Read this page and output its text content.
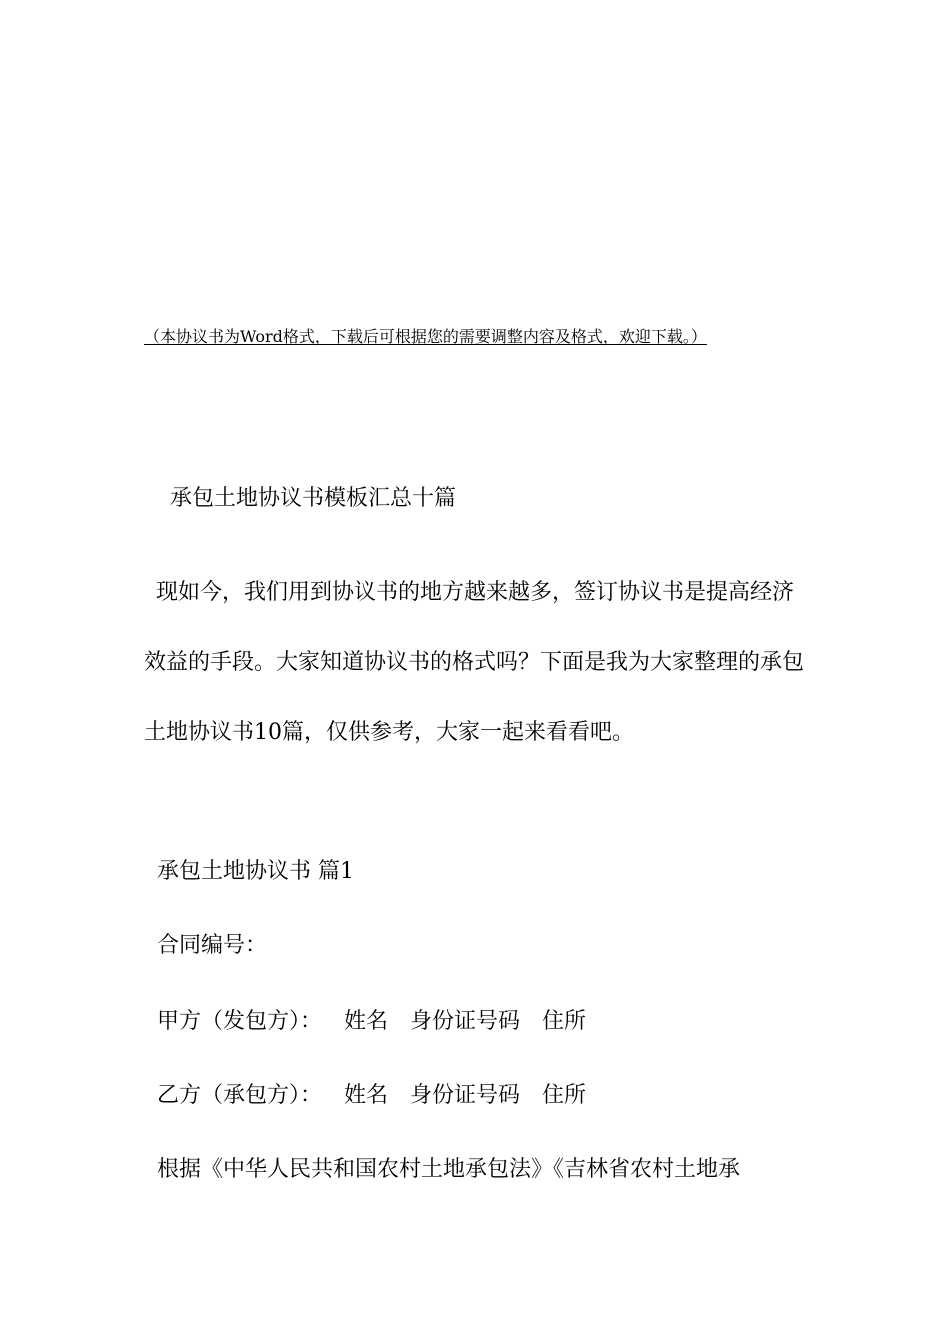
（本协议书为Word格式，下载后可根据您的需要调整内容及格式，欢迎下载。）

承包土地协议书模板汇总十篇

现如今，我们用到协议书的地方越来越多，签订协议书是提高经济效益的手段。大家知道协议书的格式吗？下面是我为大家整理的承包土地协议书10篇，仅供参考，大家一起来看看吧。

承包土地协议书 篇1

合同编号：

甲方（发包方）： 姓名 身份证号码 住所

乙方（承包方）： 姓名 身份证号码 住所

根据《中华人民共和国农村土地承包法》《吉林省农村土地承
